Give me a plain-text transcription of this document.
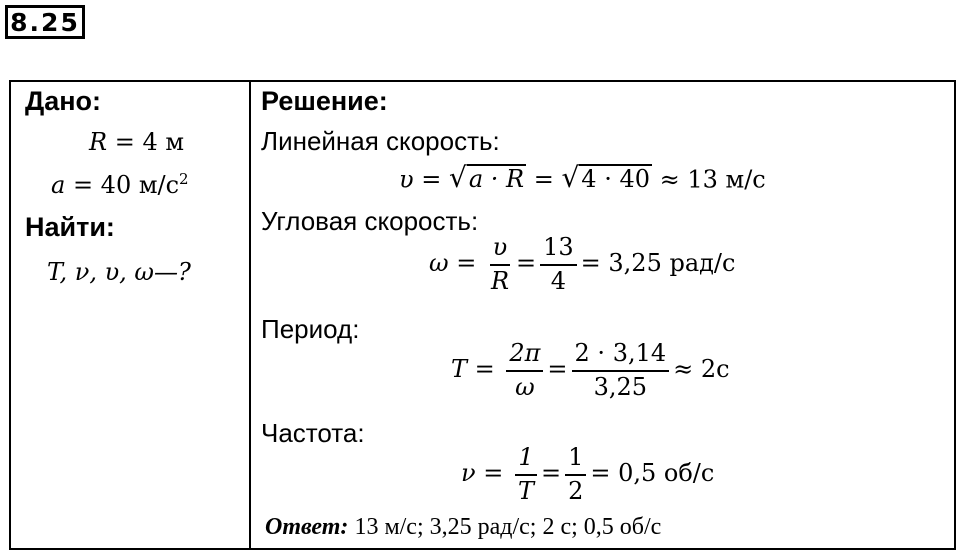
8.25
Дано:
R = 4 м
a = 40 $м/с^2$
Найти:
T, ν, υ, ω—?
Решение:
Линейная скорость:
υ = √ a · R = √ 4 · 40 ≈ 13 м/с
Угловая скорость:
$\omega = \frac{\upsilon}{R} = \frac{13}{4} = 3,25$ рад/с
Период:
$T = \frac{2\pi}{\omega} = \frac{2 \cdot 3,14}{3,25} \approx 2с$
Частота:
$\nu = \frac{1}{T} = \frac{1}{2} = 0,5$ об/с
Ответ: 13 м/с; 3,25 рад/с; 2 с; 0,5 об/с
